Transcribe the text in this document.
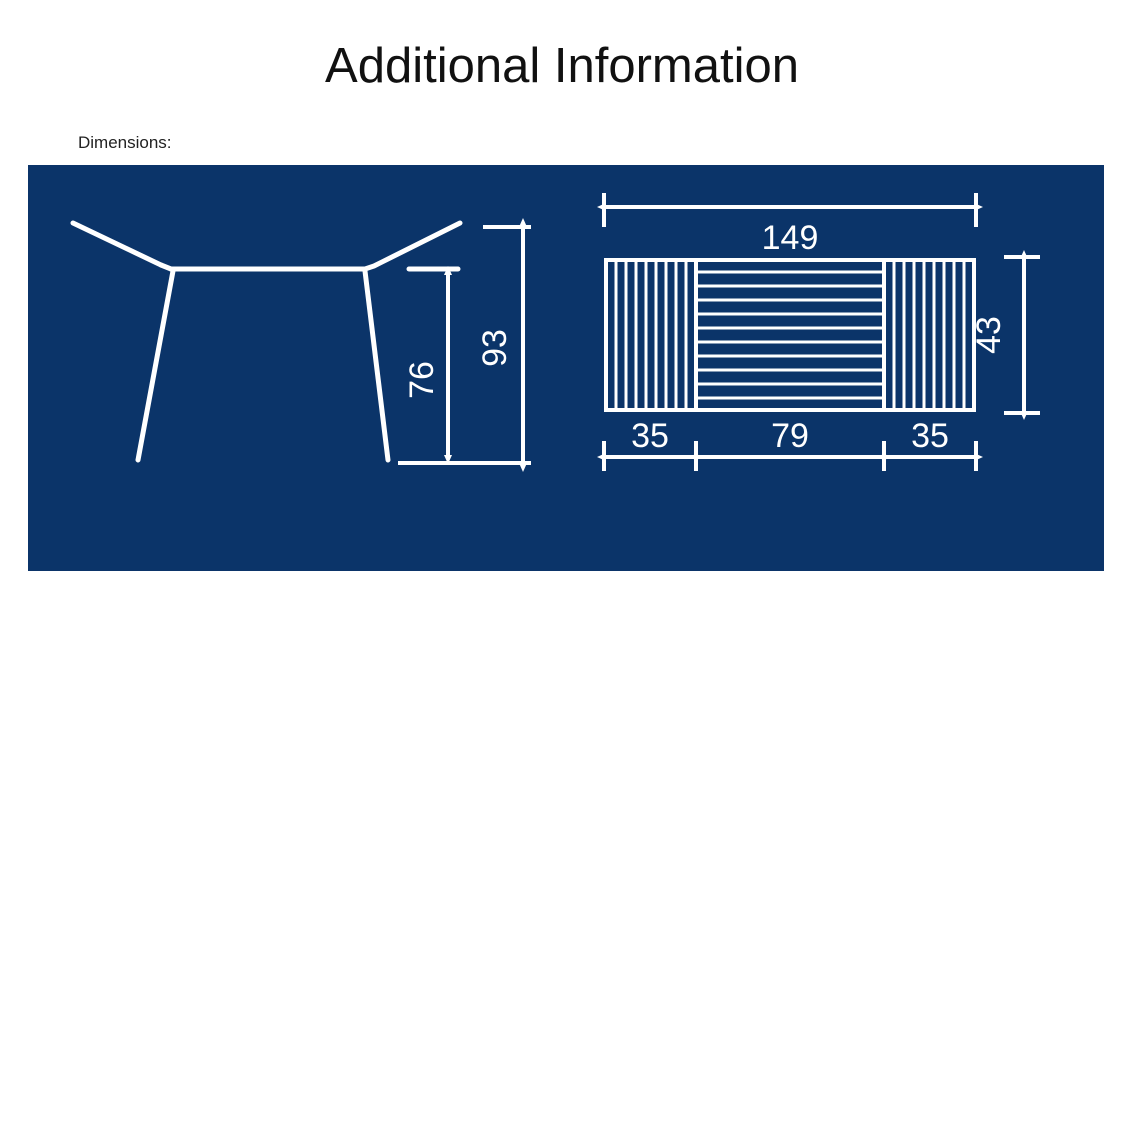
Additional Information
Dimensions:
76
93
149
43
35	79	35
